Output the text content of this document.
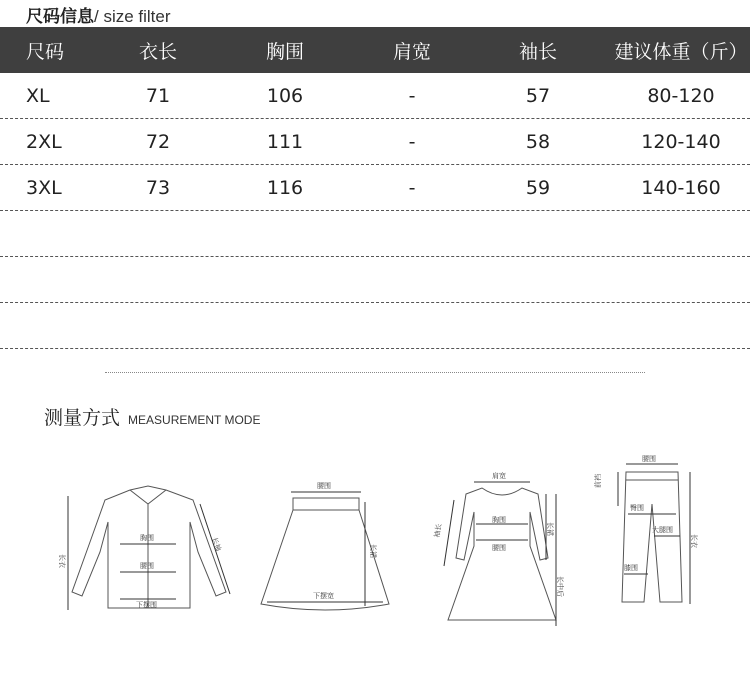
尺码信息/ size filter
尺码	衣长	胸围	肩宽	袖长	建议体重（斤）
XL	71	106	-	57	80-120
2XL	72	111	-	58	120-140
3XL	73	116	-	59	140-160
测量方式 MEASUREMENT MODE
胸围
腰围
下摆围
长衣
长袖
腰围
下摆宽
长裙
肩宽
胸围
腰围
袖长	长裙
长中后
腰围
前裆
臀围
大腿围
膝围
长衣
